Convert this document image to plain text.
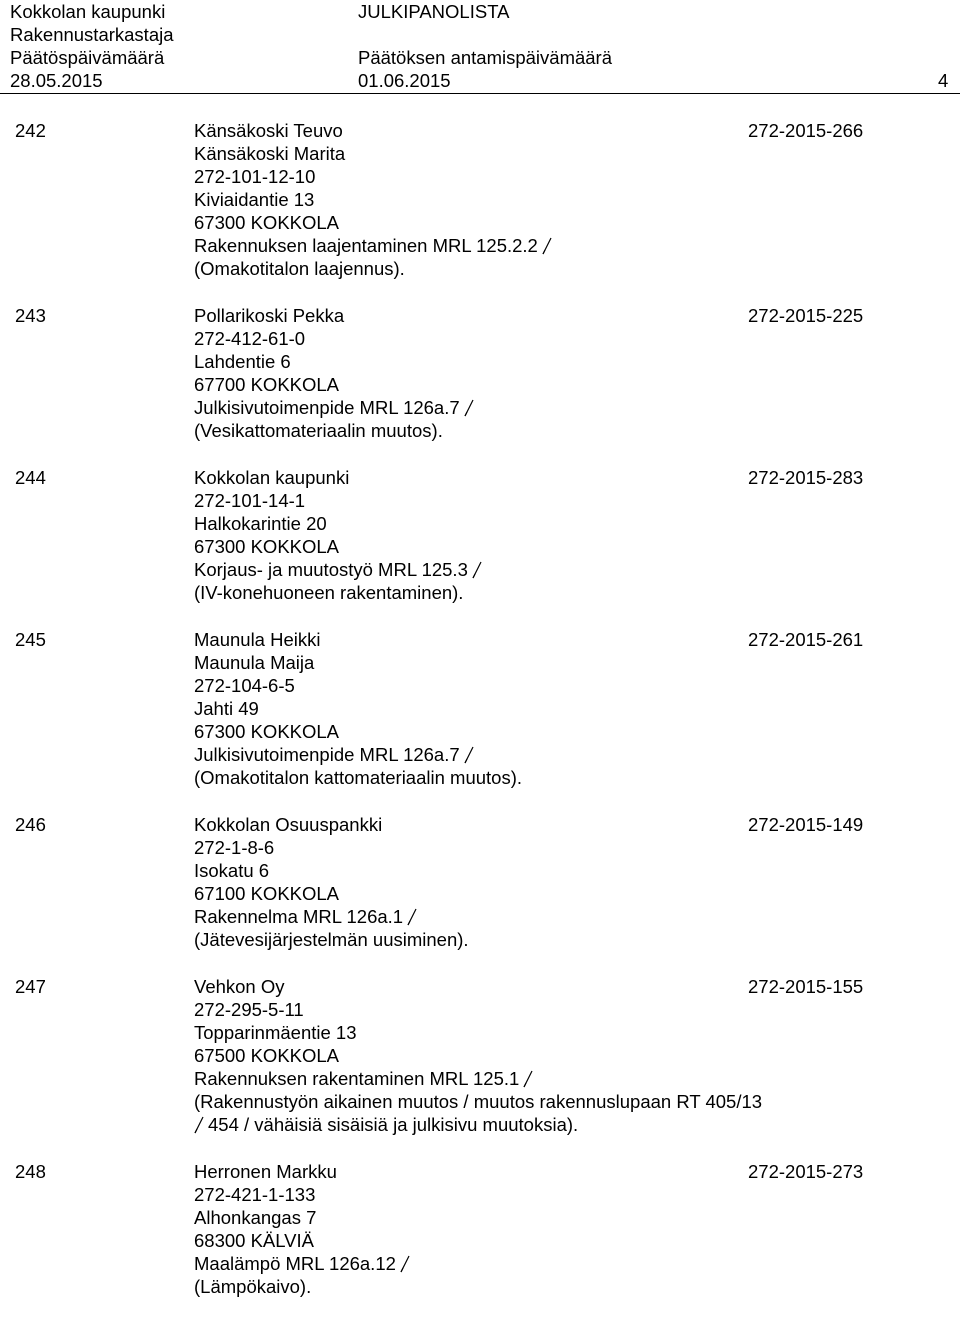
Kokkolan kaupunki
Rakennustarkastaja
Päätöspäivämäärä
28.05.2015
JULKIPANOLISTA
Päätöksen antamispäivämäärä
01.06.2015	4
242	272-2015-266
Känsäkoski Teuvo
Känsäkoski Marita
272-101-12-10
Kiviaidantie 13
67300 KOKKOLA
Rakennuksen laajentaminen MRL 125.2.2
(Omakotitalon laajennus).
243	272-2015-225
Pollarikoski Pekka
272-412-61-0
Lahdentie 6
67700 KOKKOLA
Julkisivutoimenpide MRL 126a.7
(Vesikattomateriaalin muutos).
244	272-2015-283
Kokkolan kaupunki
272-101-14-1
Halkokarintie 20
67300 KOKKOLA
Korjaus- ja muutostyö MRL 125.3
(IV-konehuoneen rakentaminen).
245	272-2015-261
Maunula Heikki
Maunula Maija
272-104-6-5
Jahti 49
67300 KOKKOLA
Julkisivutoimenpide MRL 126a.7
(Omakotitalon kattomateriaalin muutos).
246	272-2015-149
Kokkolan Osuuspankki
272-1-8-6
Isokatu 6
67100 KOKKOLA
Rakennelma MRL 126a.1
(Jätevesijärjestelmän uusiminen).
247	272-2015-155
Vehkon Oy
272-295-5-11
Topparinmäentie 13
67500 KOKKOLA
Rakennuksen rakentaminen MRL 125.1
(Rakennustyön aikainen muutos / muutos rakennuslupaan RT 405/13
454 / vähäisiä sisäisiä ja julkisivu muutoksia).
248	272-2015-273
Herronen Markku
272-421-1-133
Alhonkangas 7
68300 KÄLVIÄ
Maalämpö MRL 126a.12
(Lämpökaivo).
